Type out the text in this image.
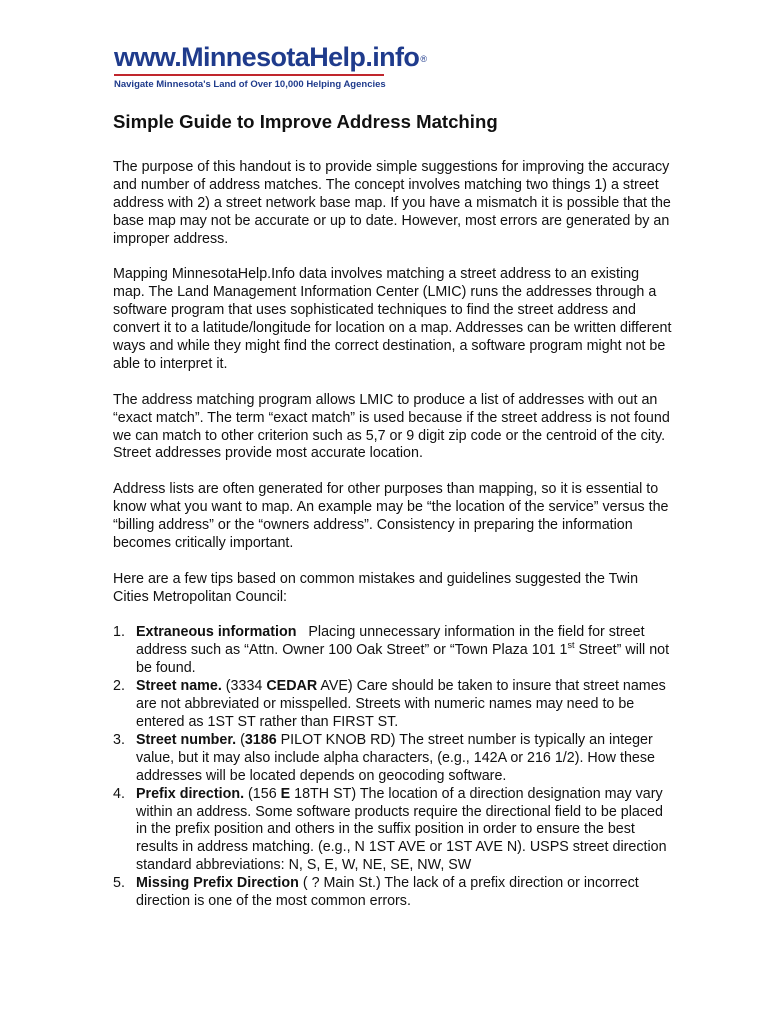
www.MinnesotaHelp.info®
Navigate Minnesota's Land of Over 10,000 Helping Agencies
Simple Guide to Improve Address Matching

The purpose of this handout is to provide simple suggestions for improving the accuracy and number of address matches. The concept involves matching two things 1) a street address with 2) a street network base map. If you have a mismatch it is possible that the base map may not be accurate or up to date. However, most errors are generated by an improper address.

Mapping MinnesotaHelp.Info data involves matching a street address to an existing map. The Land Management Information Center (LMIC) runs the addresses through a software program that uses sophisticated techniques to find the street address and convert it to a latitude/longitude for location on a map. Addresses can be written different ways and while they might find the correct destination, a software program might not be able to interpret it.

The address matching program allows LMIC to produce a list of addresses with out an “exact match”. The term “exact match” is used because if the street address is not found we can match to other criterion such as 5,7 or 9 digit zip code or the centroid of the city. Street addresses provide most accurate location.

Address lists are often generated for other purposes than mapping, so it is essential to know what you want to map. An example may be “the location of the service” versus the “billing address” or the “owners address”. Consistency in preparing the information becomes critically important.

Here are a few tips based on common mistakes and guidelines suggested the Twin Cities Metropolitan Council:

1. Extraneous information   Placing unnecessary information in the field for street address such as “Attn. Owner 100 Oak Street” or “Town Plaza 101 1st Street” will not be found.
2. Street name. (3334 CEDAR AVE) Care should be taken to insure that street names are not abbreviated or misspelled. Streets with numeric names may need to be entered as 1ST ST rather than FIRST ST.
3. Street number. (3186 PILOT KNOB RD) The street number is typically an integer value, but it may also include alpha characters, (e.g., 142A or 216 1/2). How these addresses will be located depends on geocoding software.
4. Prefix direction. (156 E 18TH ST) The location of a direction designation may vary within an address. Some software products require the directional field to be placed in the prefix position and others in the suffix position in order to ensure the best results in address matching. (e.g., N 1ST AVE or 1ST AVE N). USPS street direction standard abbreviations: N, S, E, W, NE, SE, NW, SW
5. Missing Prefix Direction ( ? Main St.) The lack of a prefix direction or incorrect direction is one of the most common errors.
